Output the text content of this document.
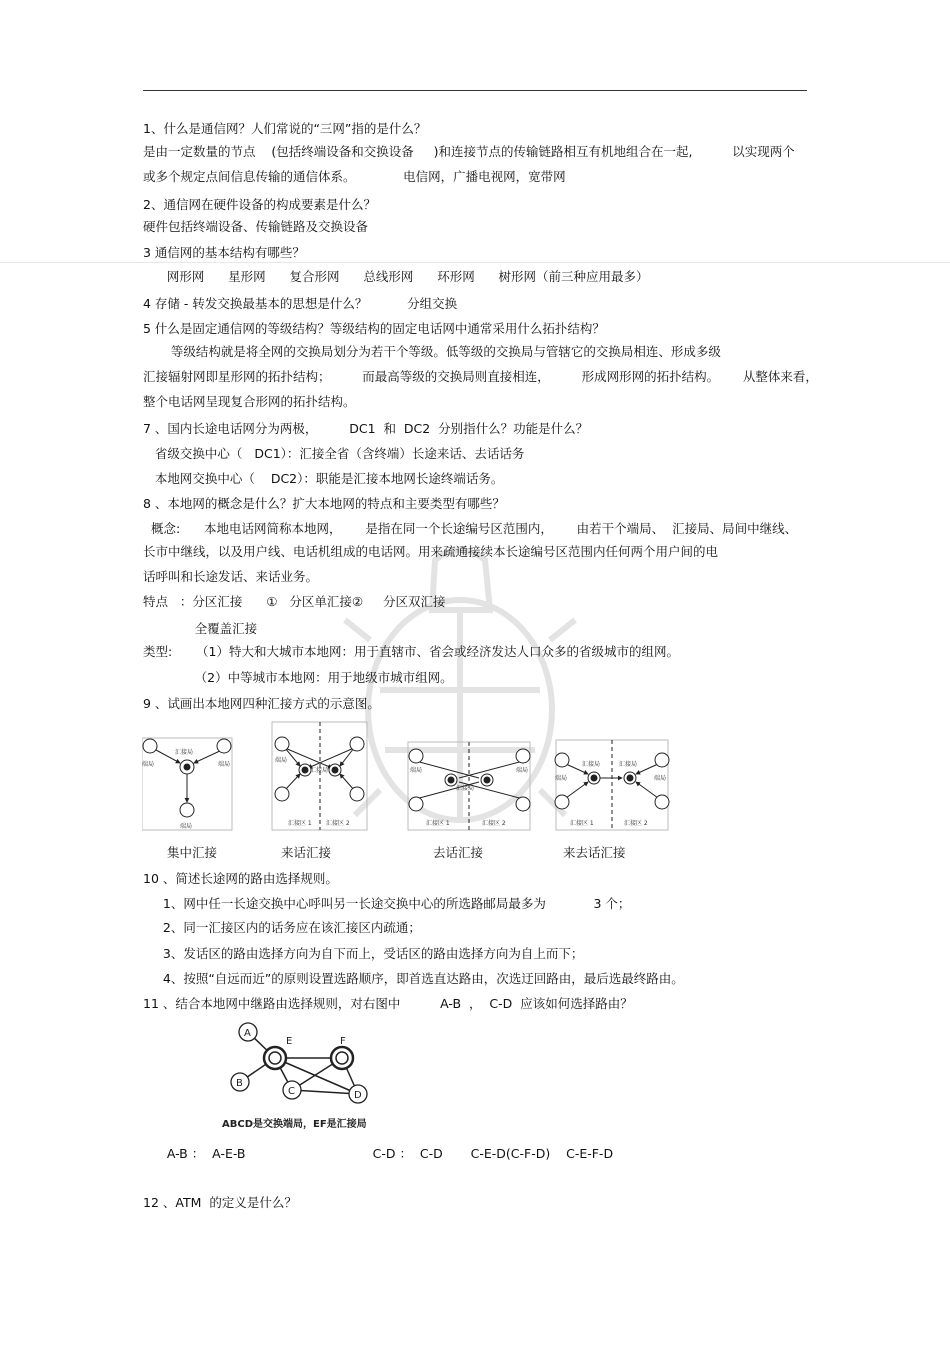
1、什么是通信网？人们常说的“三网”指的是什么？
是由一定数量的节点    (包括终端设备和交换设备     )和连接节点的传输链路相互有机地组合在一起,          以实现两个
或多个规定点间信息传输的通信体系。            电信网，广播电视网，宽带网
2、通信网在硬件设备的构成要素是什么？
硬件包括终端设备、传输链路及交换设备
3 通信网的基本结构有哪些？
网形网      星形网      复合形网      总线形网      环形网      树形网（前三种应用最多）
4 存储 - 转发交换最基本的思想是什么？          分组交换
5 什么是固定通信网的等级结构？等级结构的固定电话网中通常采用什么拓扑结构？
等级结构就是将全网的交换局划分为若干个等级。低等级的交换局与管辖它的交换局相连、形成多级
汇接辐射网即星形网的拓扑结构；        而最高等级的交换局则直接相连，        形成网形网的拓扑结构。      从整体来看，
整个电话网呈现复合形网的拓扑结构。
7 、国内长途电话网分为两极，        DC1  和  DC2  分别指什么？功能是什么？
省级交换中心（   DC1）：汇接全省（含终端）长途来话、去话话务
本地网交换中心（    DC2）：职能是汇接本地网长途终端话务。
8 、本地网的概念是什么？扩大本地网的特点和主要类型有哪些？
概念:      本地电话网简称本地网，      是指在同一个长途编号区范围内，      由若干个端局、  汇接局、局间中继线、
长市中继线，以及用户线、电话机组成的电话网。用来疏通接续本长途编号区范围内任何两个用户间的电
话呼叫和长途发话、来话业务。
特点   ：分区汇接      ①   分区单汇接②     分区双汇接
全覆盖汇接
类型:      （1）特大和大城市本地网：用于直辖市、省会或经济发达人口众多的省级城市的组网。
（2）中等城市本地网：用于地级市城市组网。
9 、试画出本地网四种汇接方式的示意图。
汇接局
端局	端局
端局
汇接局
端局
汇接区 1 汇接区 2
汇接局
端局	端局
汇接区 1	汇接区 2
汇接局	汇接局
端局	端局
汇接区 1	汇接区 2
集中汇接	来话汇接	去话汇接	来去话汇接
10 、简述长途网的路由选择规则。
1、网中任一长途交换中心呼叫另一长途交换中心的所选路邮局最多为            3 个；
2、同一汇接区内的话务应在该汇接区内疏通；
3、发话区的路由选择方向为自下而上，受话区的路由选择方向为自上而下；
4、按照“自远而近”的原则设置选路顺序，即首选直达路由，次选迂回路由，最后选最终路由。
11 、结合本地网中继路由选择规则，对右图中          A-B  ，  C-D  应该如何选择路由？
A
B
C	D
E	F
ABCD是交换端局，EF是汇接局
A-B ：  A-E-B                                C-D ：  C-D       C-E-D(C-F-D)    C-E-F-D
12 、ATM  的定义是什么？
